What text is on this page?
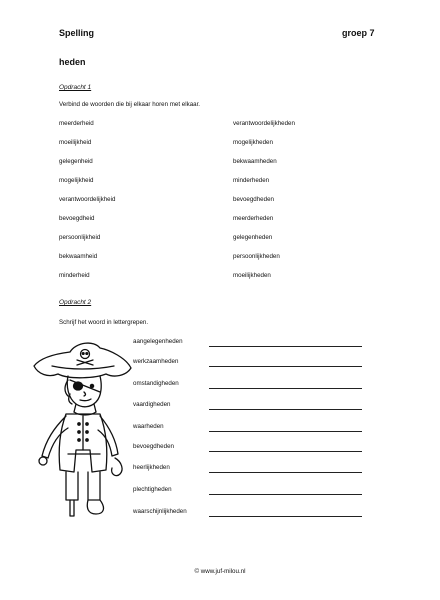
Spelling	groep 7
heden
Opdracht 1
Verbind de woorden die bij elkaar horen met elkaar.
meerderheid
moeilijkheid
gelegenheid
mogelijkheid
verantwoordelijkheid
bevoegdheid
persoonlijkheid
bekwaamheid
minderheid
verantwoordelijkheden
mogelijkheden
bekwaamheden
minderheden
bevoegdheden
meerderheden
gelegenheden
persoonlijkheden
moeilijkheden
Opdracht 2
Schrijf het woord in lettergrepen.
aangelegenheden
werkzaamheden
omstandigheden
vaardigheden
waarheden
bevoegdheden
heerlijkheden
plechtigheden
waarschijnlijkheden
© www.juf-milou.nl
